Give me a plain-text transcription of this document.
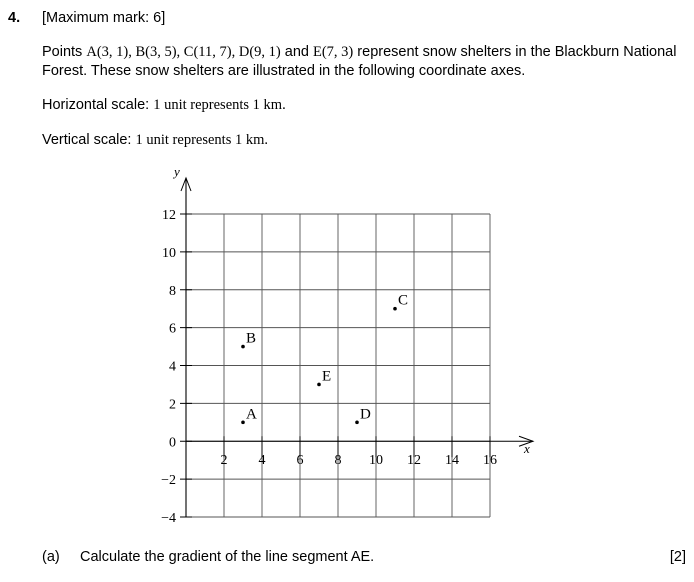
4. [Maximum mark: 6]
Points A(3, 1), B(3, 5), C(11, 7), D(9, 1) and E(7, 3) represent snow shelters in the Blackburn National Forest. These snow shelters are illustrated in the following coordinate axes.
Horizontal scale: 1 unit represents 1 km.
Vertical scale: 1 unit represents 1 km.
x
y
12
10
8
6
4
2
0
−2
−4
2 4 6 8 10 12 14 16
A
B
C
D
E
(a) Calculate the gradient of the line segment AE.	[2]
